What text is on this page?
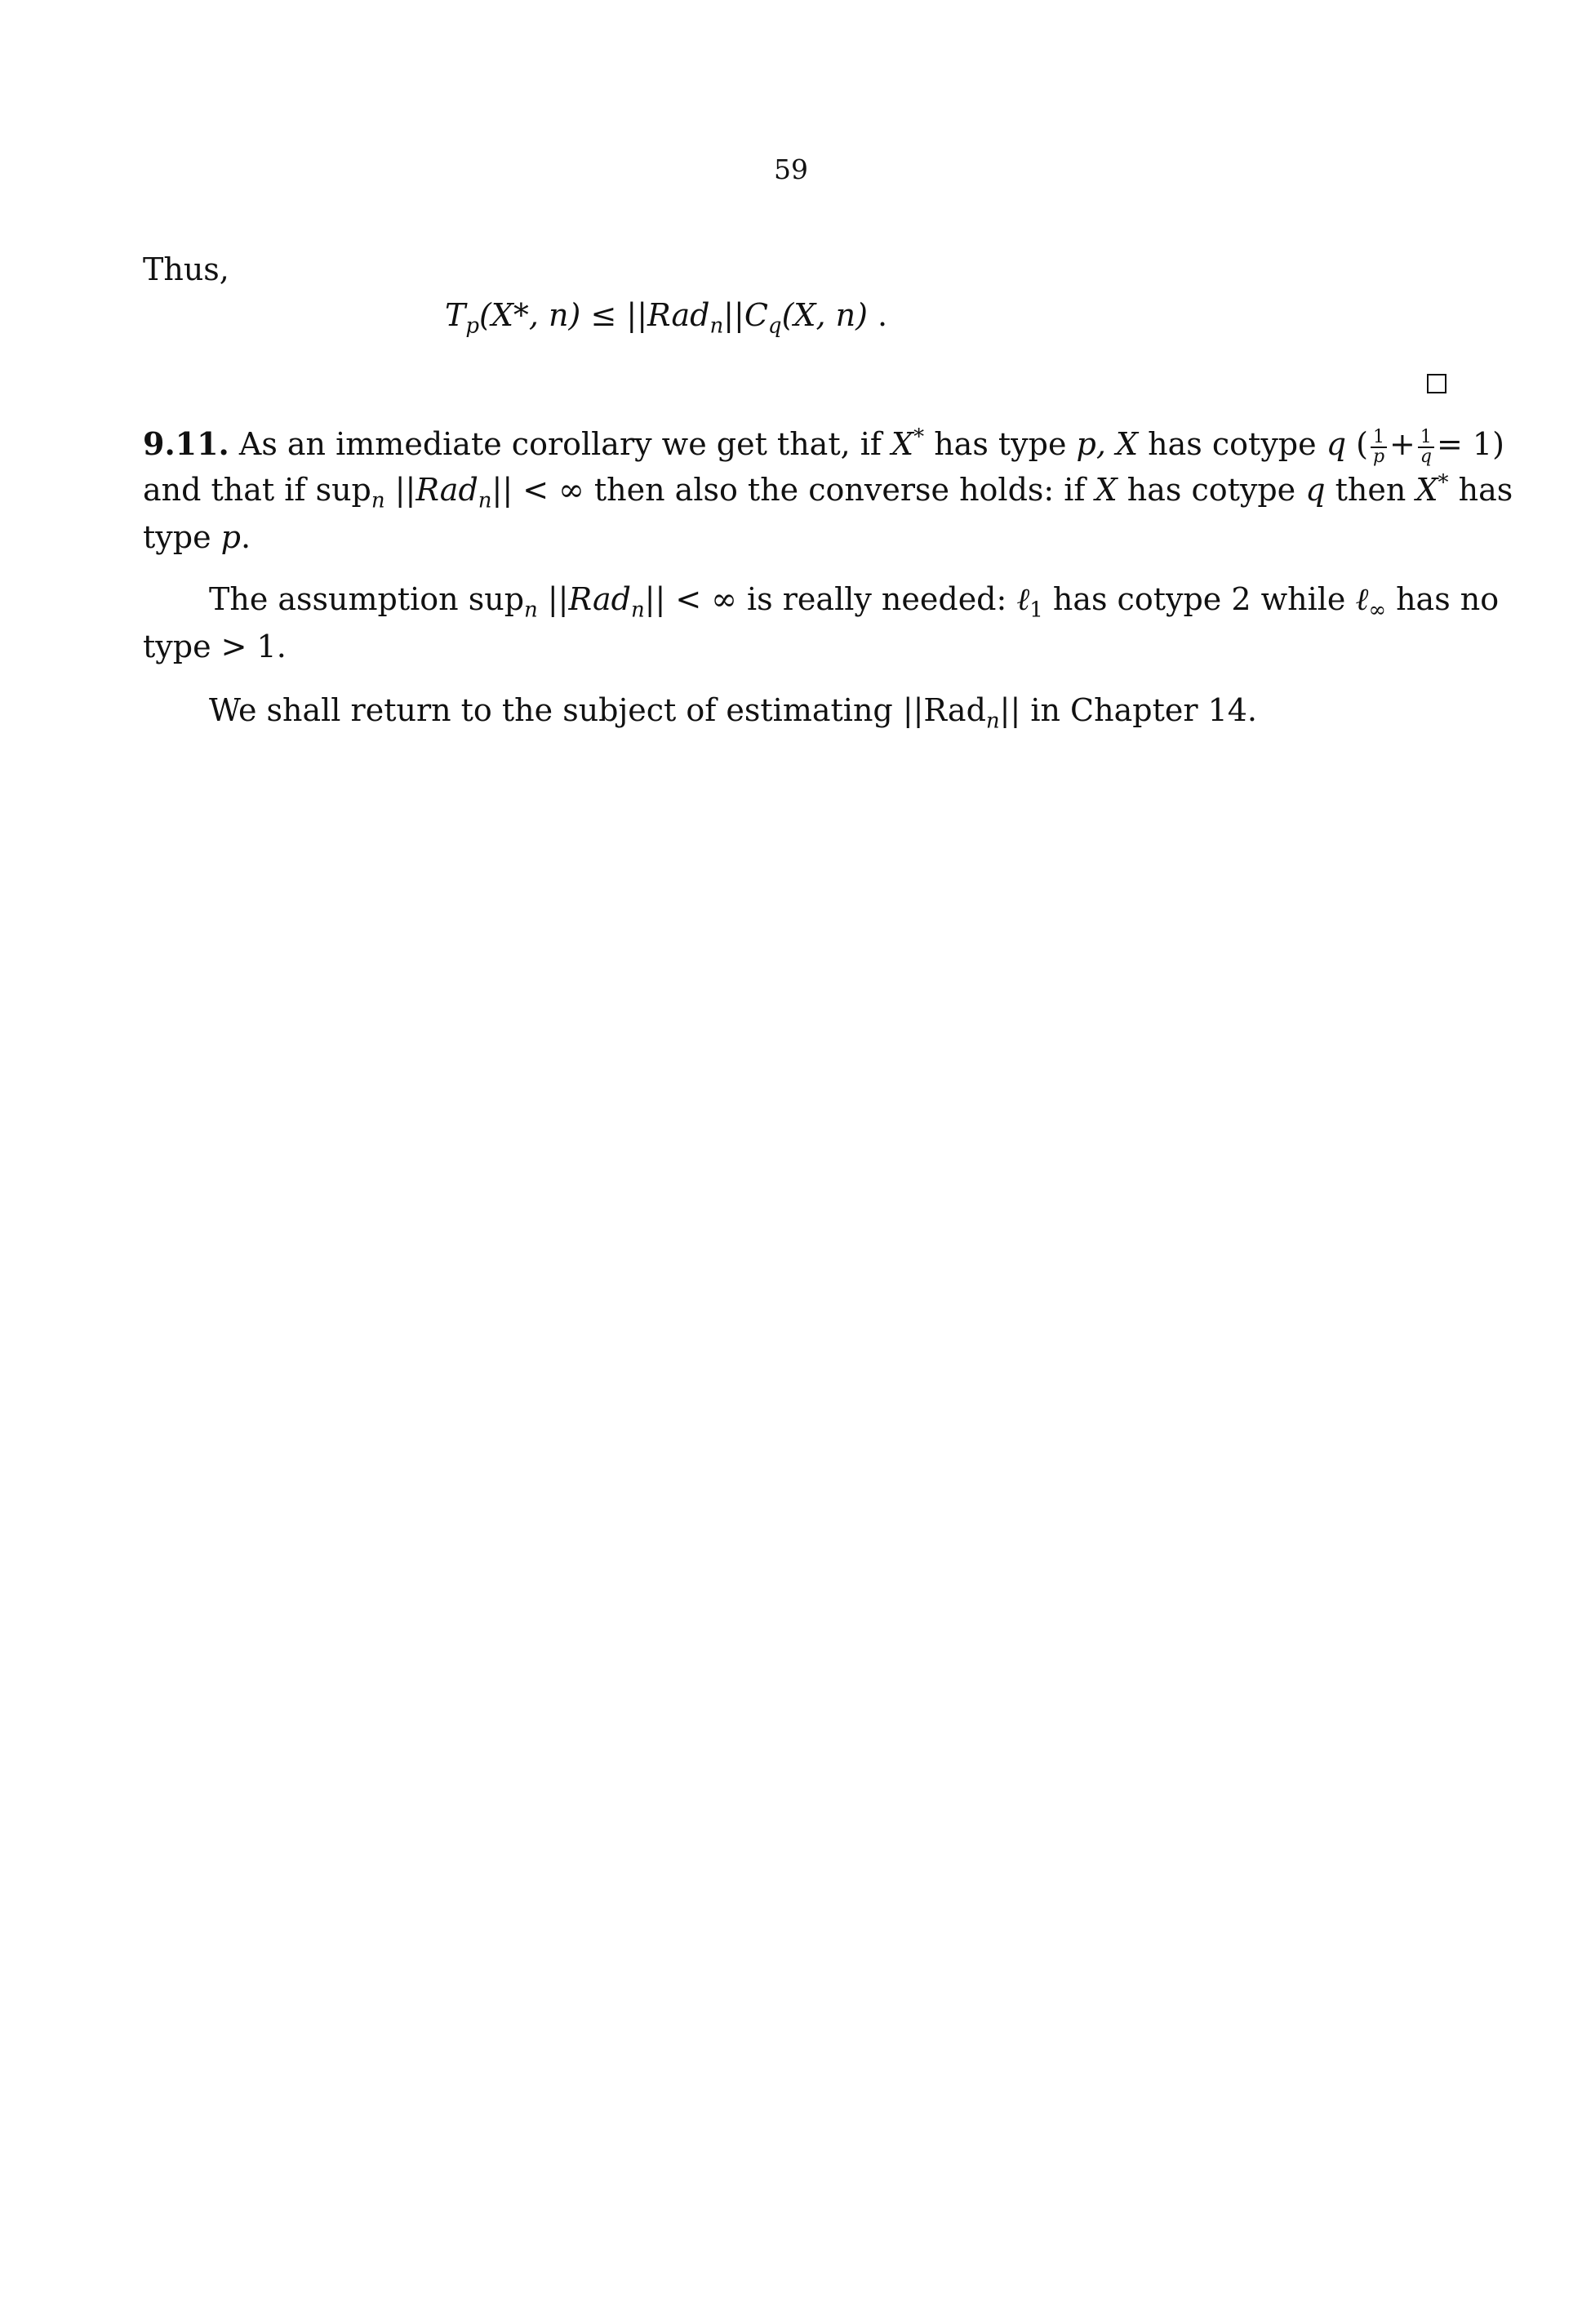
59
Thus,
$T_p(X*$, $n) \le ||Rad_n||C_q(X$, n) .
9.11. As an immediate corollary we get that, if X* has type p, X has cotype q ( $\frac{1}{p} + \frac{1}{q} = 1$)
and that if sup$_n$ ||Rad$_n$|| < ∞ then also the converse holds: if X has cotype q then X* has
type p.
The assumption sup$_n$ ||Rad$_n$|| < ∞ is really needed: ℓ$_1$ has cotype 2 while ℓ$_\infty$ has no
type > 1.
We shall return to the subject of estimating ||Rad$_n$|| in Chapter 14.
